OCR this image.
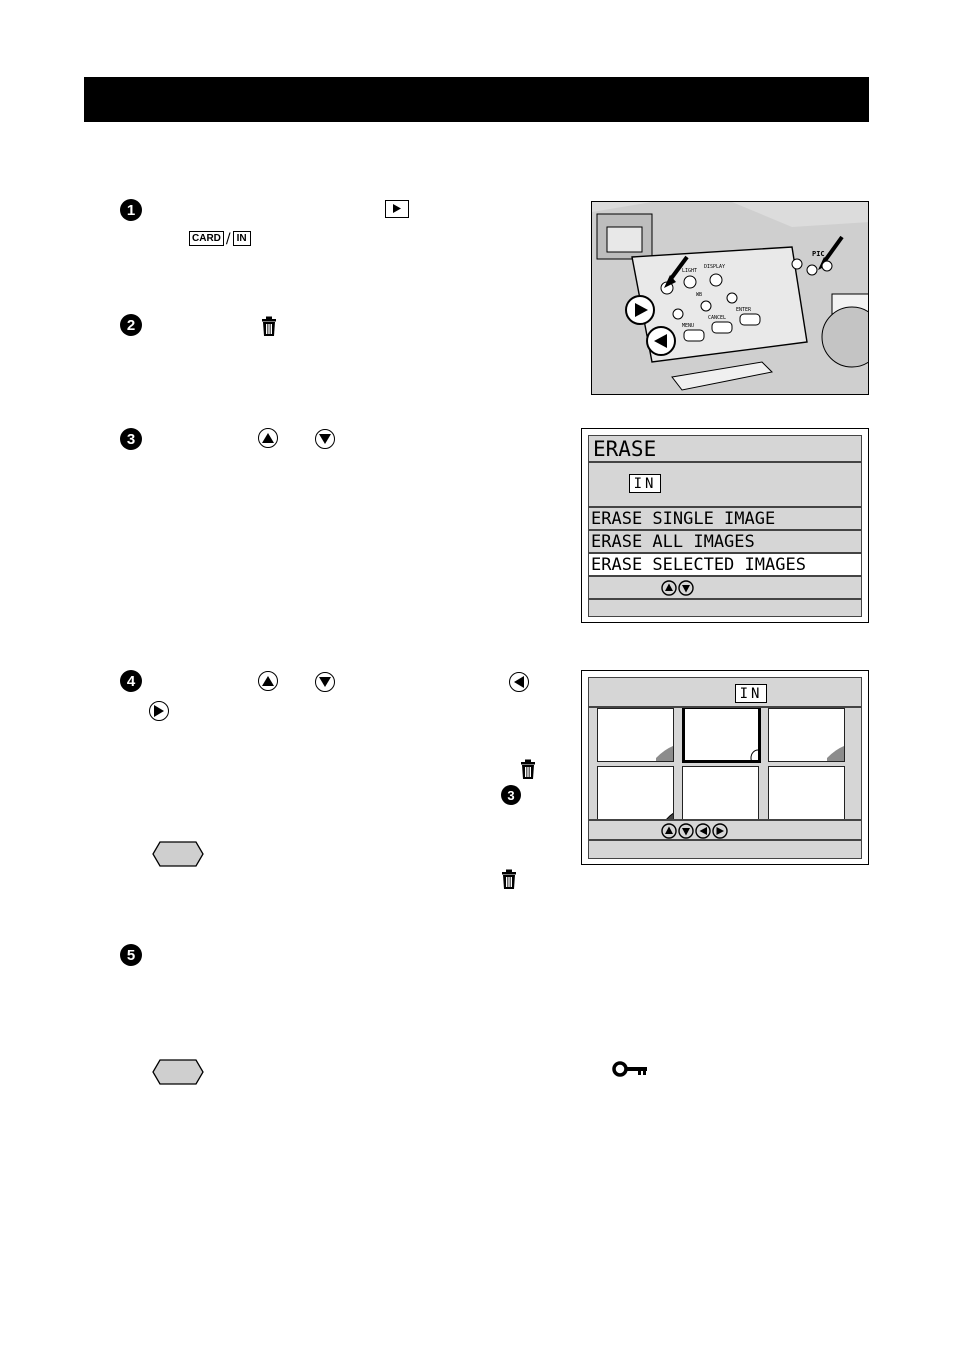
1
CARD / IN
LIGHT
DISPLAY
WB
MENU
CANCEL
ENTER
PIC
2
3	ERASE

IN

ERASE SINGLE IMAGE
ERASE ALL IMAGES
ERASE SELECTED IMAGES

4
3

IN

5
